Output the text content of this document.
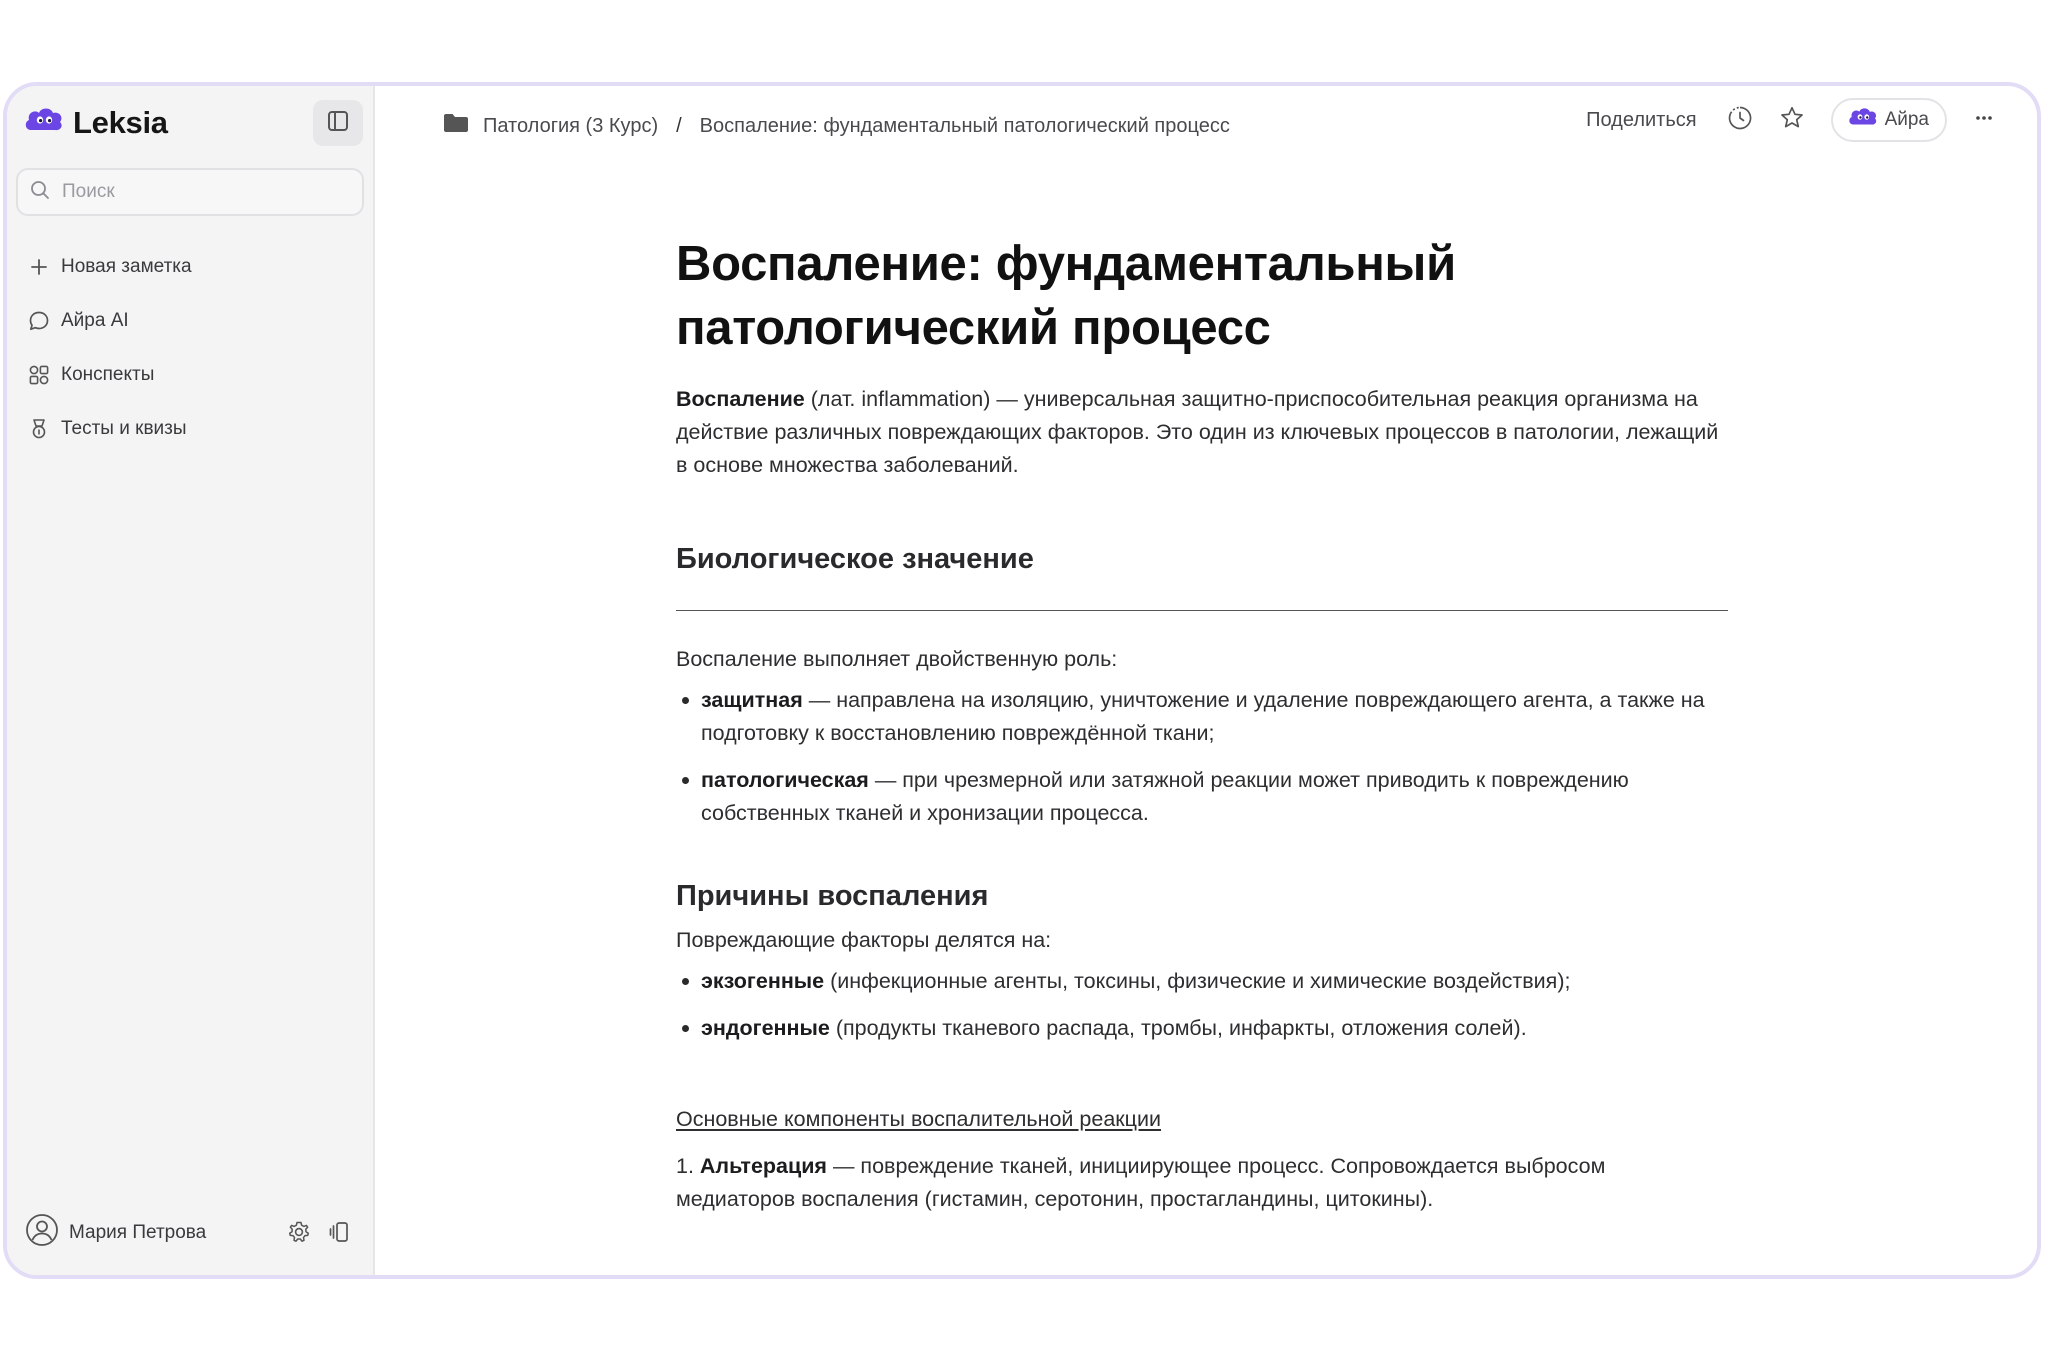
Leksia
Поиск
Новая заметка
Айра AI
Конспекты
Тесты и квизы
Мария Петрова
Патология (3 Курс) / Воспаление: фундаментальный патологический процесс	Поделиться	Айра
Воспаление: фундаментальный
патологический процесс

Воспаление (лат. inflammation) — универсальная защитно-приспособительная реакция организма на действие различных повреждающих факторов. Это один из ключевых процессов в патологии, лежащий в основе множества заболеваний.

Биологическое значение

Воспаление выполняет двойственную роль:

защитная — направлена на изоляцию, уничтожение и удаление повреждающего агента, а также на подготовку к восстановлению повреждённой ткани;
патологическая — при чрезмерной или затяжной реакции может приводить к повреждению собственных тканей и хронизации процесса.
Причины воспаления

Повреждающие факторы делятся на:

экзогенные (инфекционные агенты, токсины, физические и химические воздействия);
эндогенные (продукты тканевого распада, тромбы, инфаркты, отложения солей).

Основные компоненты воспалительной реакции

1. Альтерация — повреждение тканей, инициирующее процесс. Сопровождается выбросом медиаторов воспаления (гистамин, серотонин, простагландины, цитокины).
